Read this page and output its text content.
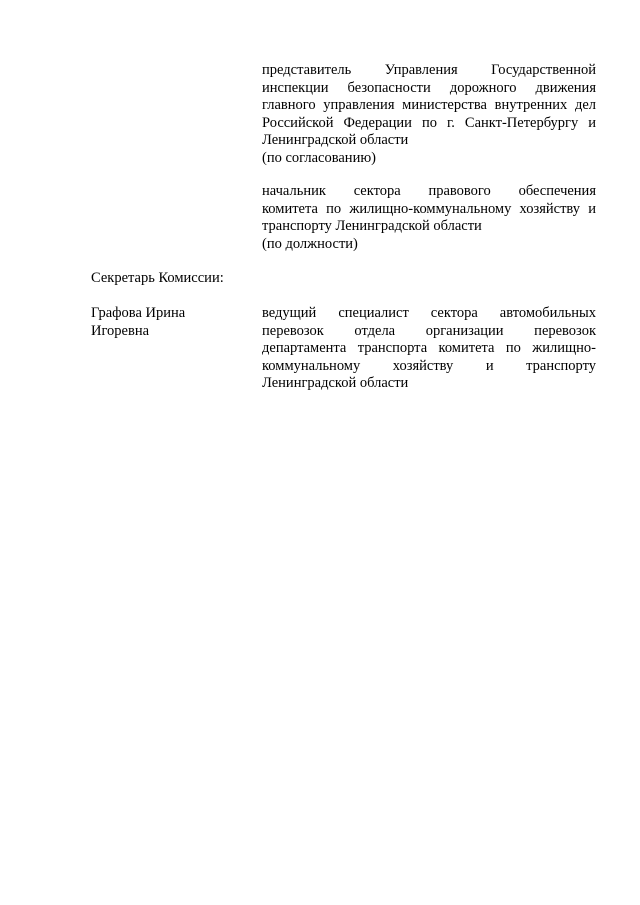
представитель Управления Государственной
инспекции безопасности дорожного движения
главного управления министерства внутренних дел
Российской Федерации по г. Санкт-Петербургу и
Ленинградской области
(по согласованию)
начальник сектора правового обеспечения
комитета по жилищно-коммунальному хозяйству и
транспорту Ленинградской области
(по должности)
Секретарь Комиссии:
Графова Ирина
Игоревна
ведущий специалист сектора автомобильных
перевозок отдела организации перевозок
департамента транспорта комитета по жилищно-
коммунальному хозяйству и транспорту
Ленинградской области
